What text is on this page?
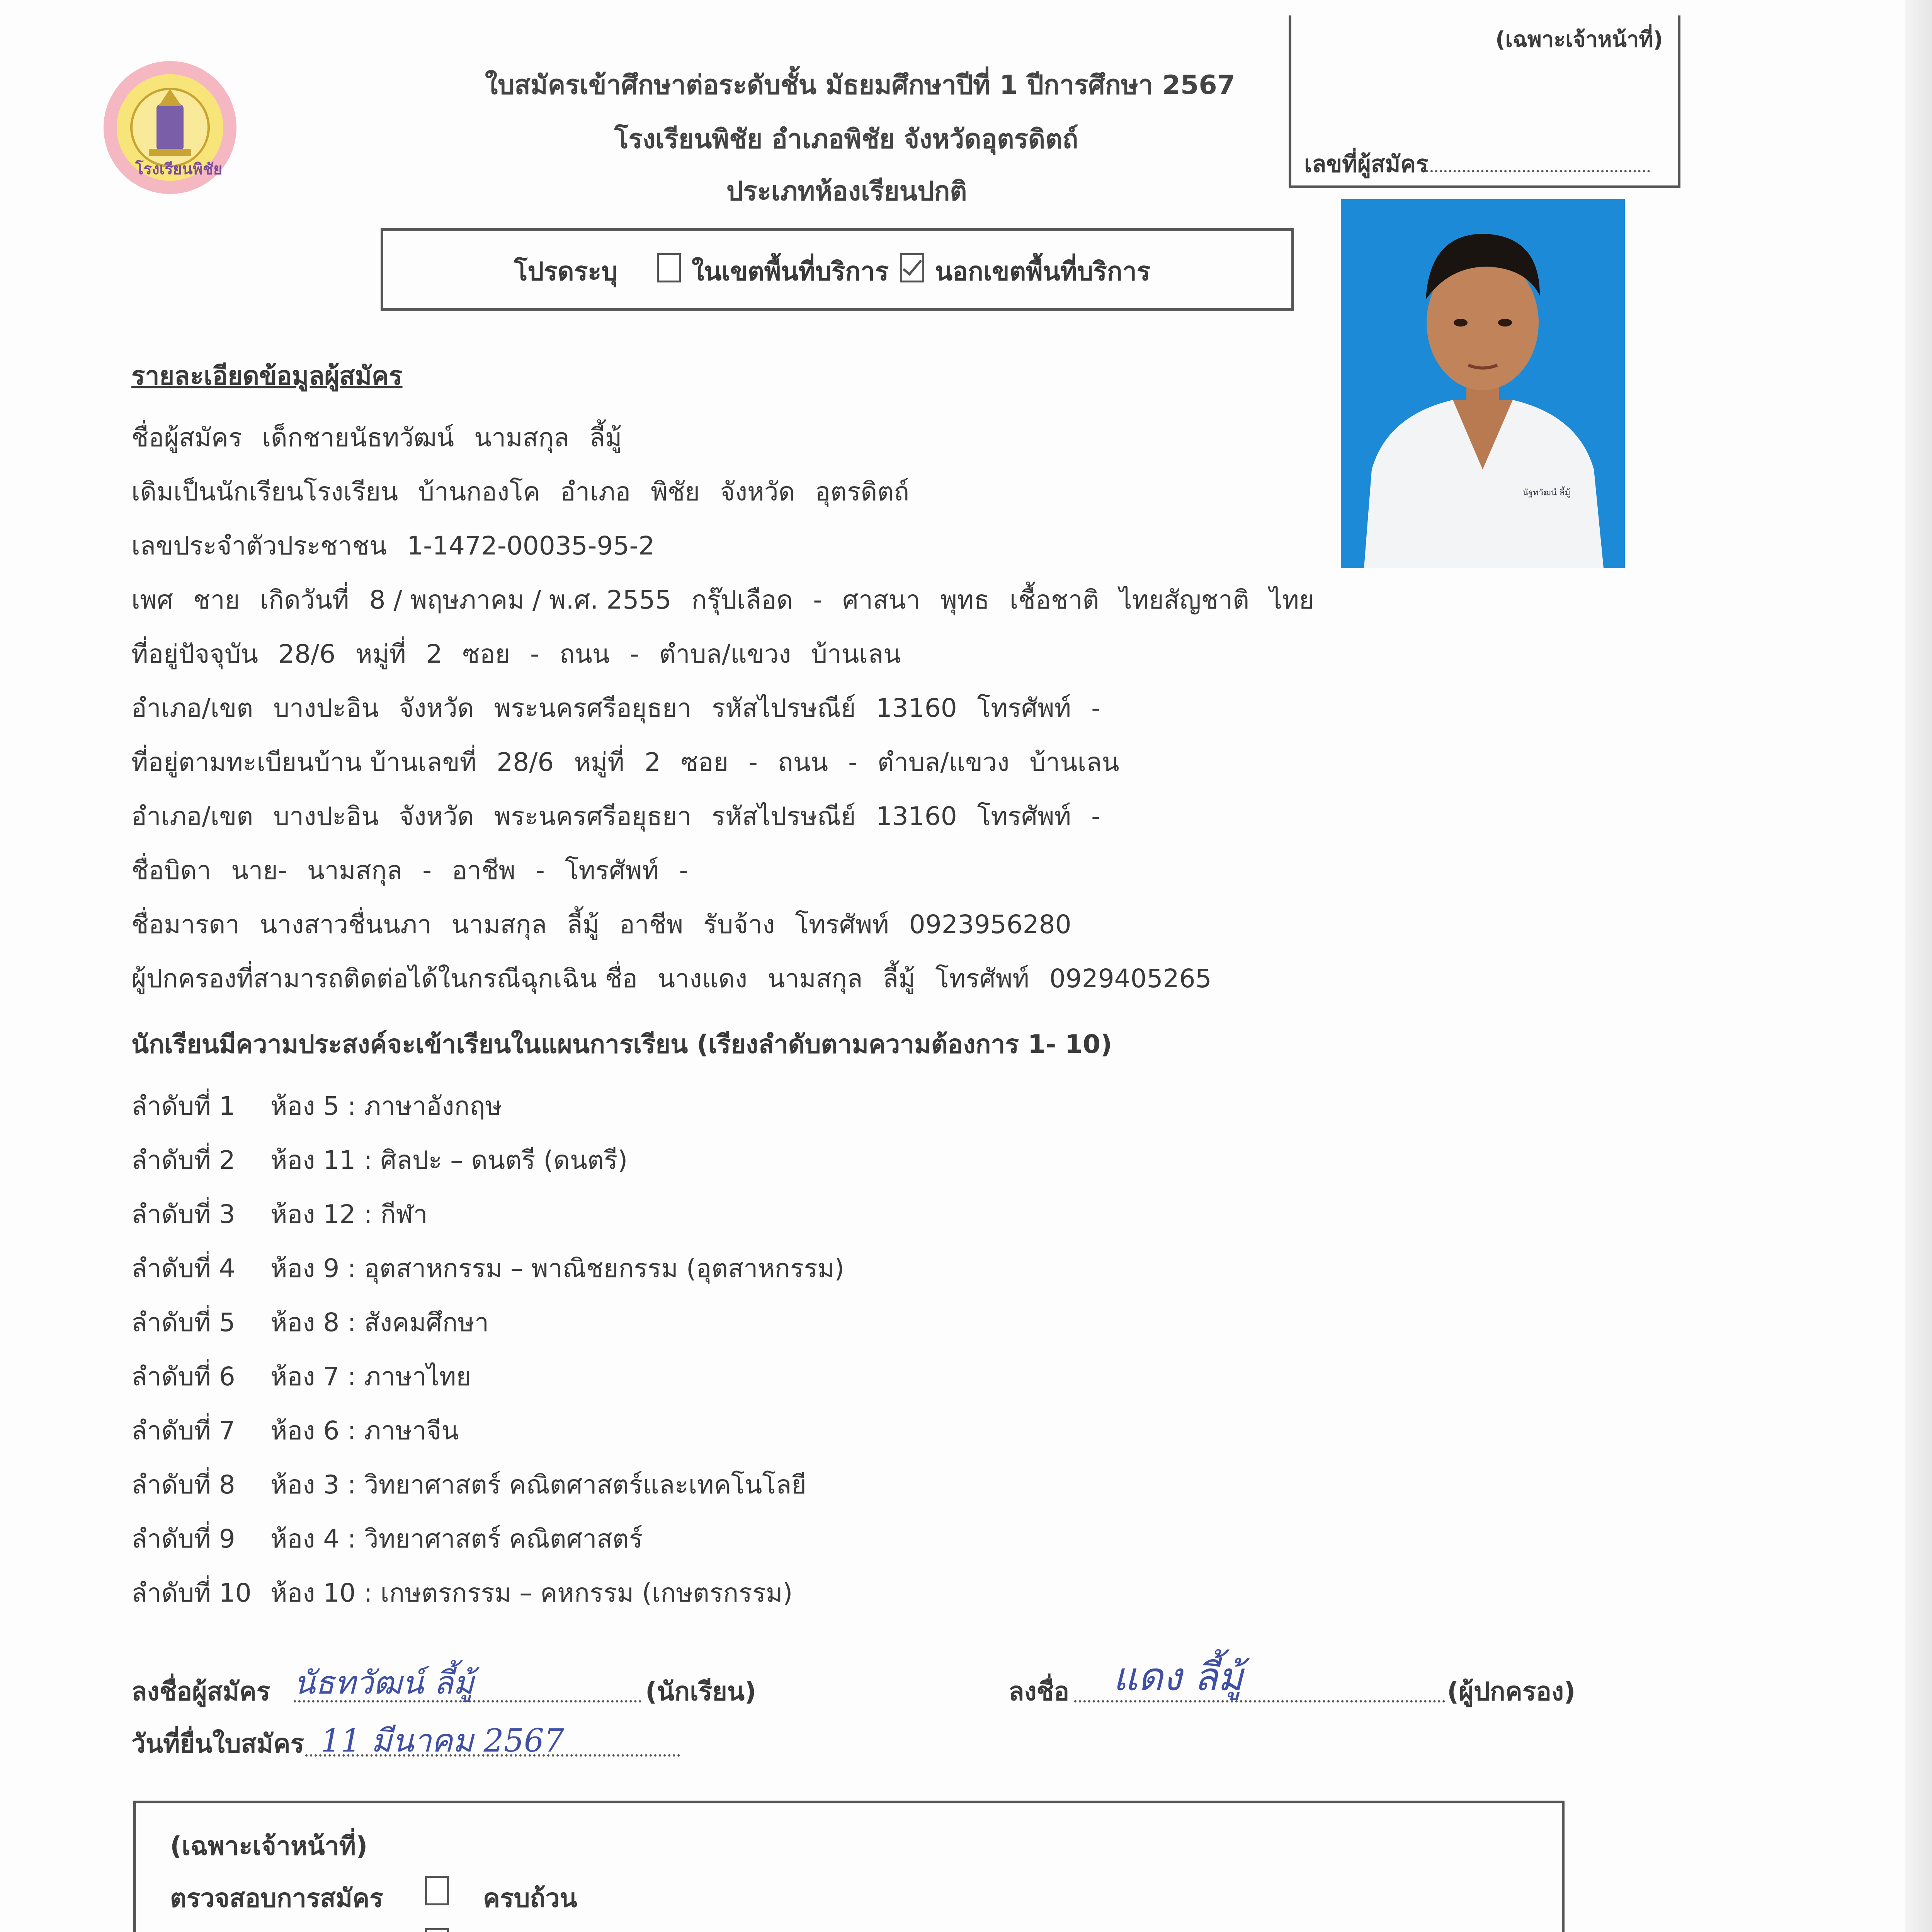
โรงเรียนพิชัย
ใบสมัครเข้าศึกษาต่อระดับชั้น มัธยมศึกษาปีที่ 1 ปีการศึกษา 2567
โรงเรียนพิชัย อำเภอพิชัย จังหวัดอุตรดิตถ์
ประเภทห้องเรียนปกติ
(เฉพาะเจ้าหน้าที่)
เลขที่ผู้สมัคร
โปรดระบุ	ในเขตพื้นที่บริการ นอกเขตพื้นที่บริการ
นัฐทวัฒน์ ลี้มู้
รายละเอียดข้อมูลผู้สมัคร
ชื่อผู้สมัคร เด็กชายนัธทวัฒน์ นามสกุล ลี้มู้
เดิมเป็นนักเรียนโรงเรียน บ้านกองโค อำเภอ พิชัย จังหวัด อุตรดิตถ์
เลขประจำตัวประชาชน 1-1472-00035-95-2
เพศ ชาย เกิดวันที่ 8 / พฤษภาคม / พ.ศ. 2555 กรุ๊ปเลือด - ศาสนา พุทธ เชื้อชาติ ไทยสัญชาติ ไทย
ที่อยู่ปัจจุบัน 28/6 หมู่ที่ 2 ซอย - ถนน - ตำบล/แขวง บ้านเลน
อำเภอ/เขต บางปะอิน จังหวัด พระนครศรีอยุธยา รหัสไปรษณีย์ 13160 โทรศัพท์ -
ที่อยู่ตามทะเบียนบ้าน บ้านเลขที่ 28/6 หมู่ที่ 2 ซอย - ถนน - ตำบล/แขวง บ้านเลน
อำเภอ/เขต บางปะอิน จังหวัด พระนครศรีอยุธยา รหัสไปรษณีย์ 13160 โทรศัพท์ -
ชื่อบิดา นาย- นามสกุล - อาชีพ - โทรศัพท์ -
ชื่อมารดา นางสาวชื่นนภา นามสกุล ลี้มู้ อาชีพ รับจ้าง โทรศัพท์ 0923956280
ผู้ปกครองที่สามารถติดต่อได้ในกรณีฉุกเฉิน ชื่อ นางแดง นามสกุล ลี้มู้ โทรศัพท์ 0929405265
นักเรียนมีความประสงค์จะเข้าเรียนในแผนการเรียน (เรียงลำดับตามความต้องการ 1- 10)
ลำดับที่ 1 ห้อง 5 : ภาษาอังกฤษ
ลำดับที่ 2 ห้อง 11 : ศิลปะ – ดนตรี (ดนตรี)
ลำดับที่ 3 ห้อง 12 : กีฬา
ลำดับที่ 4 ห้อง 9 : อุตสาหกรรม – พาณิชยกรรม (อุตสาหกรรม)
ลำดับที่ 5 ห้อง 8 : สังคมศึกษา
ลำดับที่ 6 ห้อง 7 : ภาษาไทย
ลำดับที่ 7 ห้อง 6 : ภาษาจีน
ลำดับที่ 8 ห้อง 3 : วิทยาศาสตร์ คณิตศาสตร์และเทคโนโลยี
ลำดับที่ 9 ห้อง 4 : วิทยาศาสตร์ คณิตศาสตร์
ลำดับที่ 10 ห้อง 10 : เกษตรกรรม – คหกรรม (เกษตรกรรม)
ลงชื่อผู้สมัคร นัธทวัฒน์ ลี้มู้	(นักเรียน)	ลงชื่อ แดง ลี้มู้	(ผู้ปกครอง)
วันที่ยื่นใบสมัคร 11 มีนาคม 2567
(เฉพาะเจ้าหน้าที่)
ตรวจสอบการสมัคร	ครบถ้วน
